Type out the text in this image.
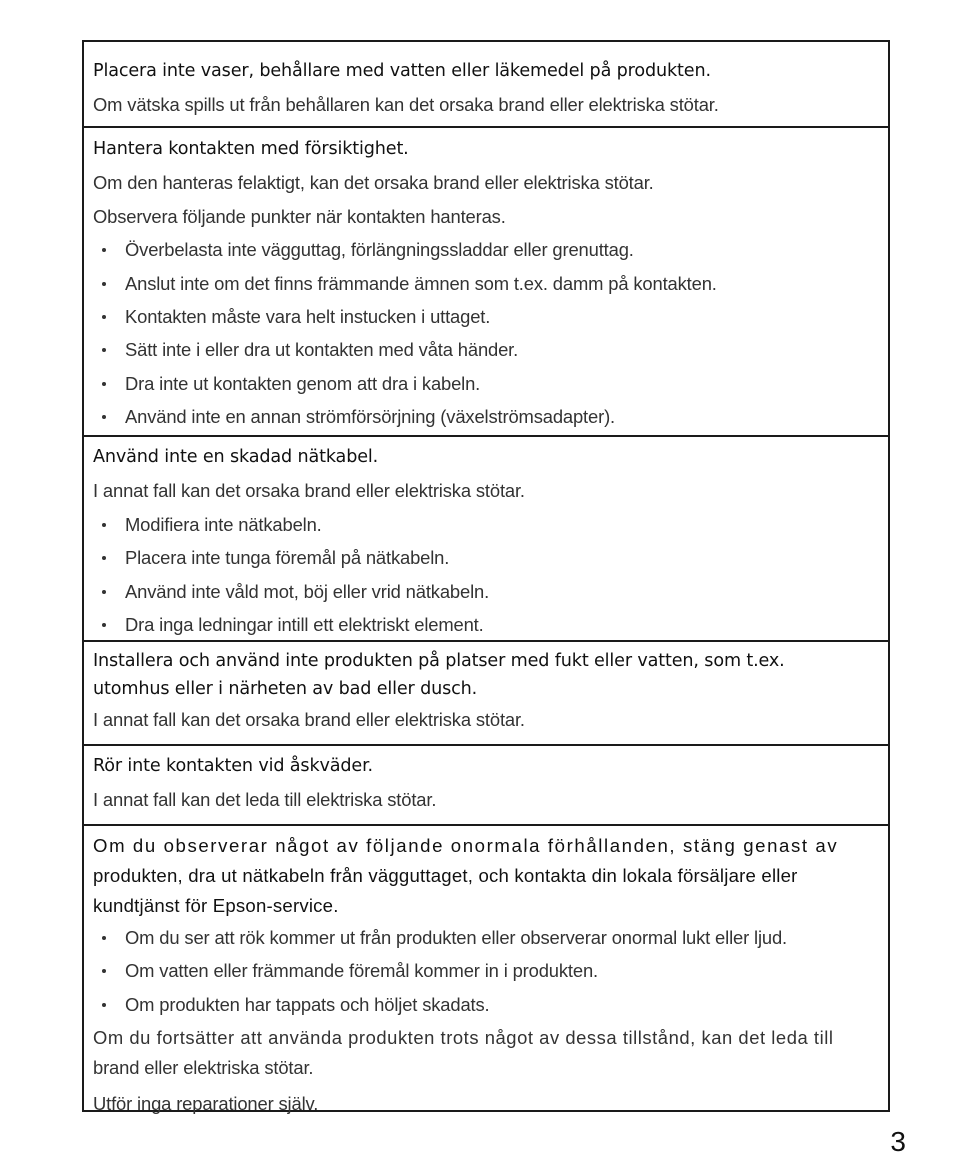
Placera inte vaser, behållare med vatten eller läkemedel på produkten.
Om vätska spills ut från behållaren kan det orsaka brand eller elektriska stötar.
Hantera kontakten med försiktighet.
Om den hanteras felaktigt, kan det orsaka brand eller elektriska stötar.
Observera följande punkter när kontakten hanteras.
Överbelasta inte vägguttag, förlängningssladdar eller grenuttag.
Anslut inte om det finns främmande ämnen som t.ex. damm på kontakten.
Kontakten måste vara helt instucken i uttaget.
Sätt inte i eller dra ut kontakten med våta händer.
Dra inte ut kontakten genom att dra i kabeln.
Använd inte en annan strömförsörjning (växelströmsadapter).
Använd inte en skadad nätkabel.
I annat fall kan det orsaka brand eller elektriska stötar.
Modifiera inte nätkabeln.
Placera inte tunga föremål på nätkabeln.
Använd inte våld mot, böj eller vrid nätkabeln.
Dra inga ledningar intill ett elektriskt element.
Installera och använd inte produkten på platser med fukt eller vatten, som t.ex.
utomhus eller i närheten av bad eller dusch.
I annat fall kan det orsaka brand eller elektriska stötar.
Rör inte kontakten vid åskväder.
I annat fall kan det leda till elektriska stötar.
Om du observerar något av följande onormala förhållanden, stäng genast av
produkten, dra ut nätkabeln från vägguttaget, och kontakta din lokala försäljare eller
kundtjänst för Epson-service.
Om du ser att rök kommer ut från produkten eller observerar onormal lukt eller ljud.
Om vatten eller främmande föremål kommer in i produkten.
Om produkten har tappats och höljet skadats.
Om du fortsätter att använda produkten trots något av dessa tillstånd, kan det leda till
brand eller elektriska stötar.
Utför inga reparationer själv.
3
